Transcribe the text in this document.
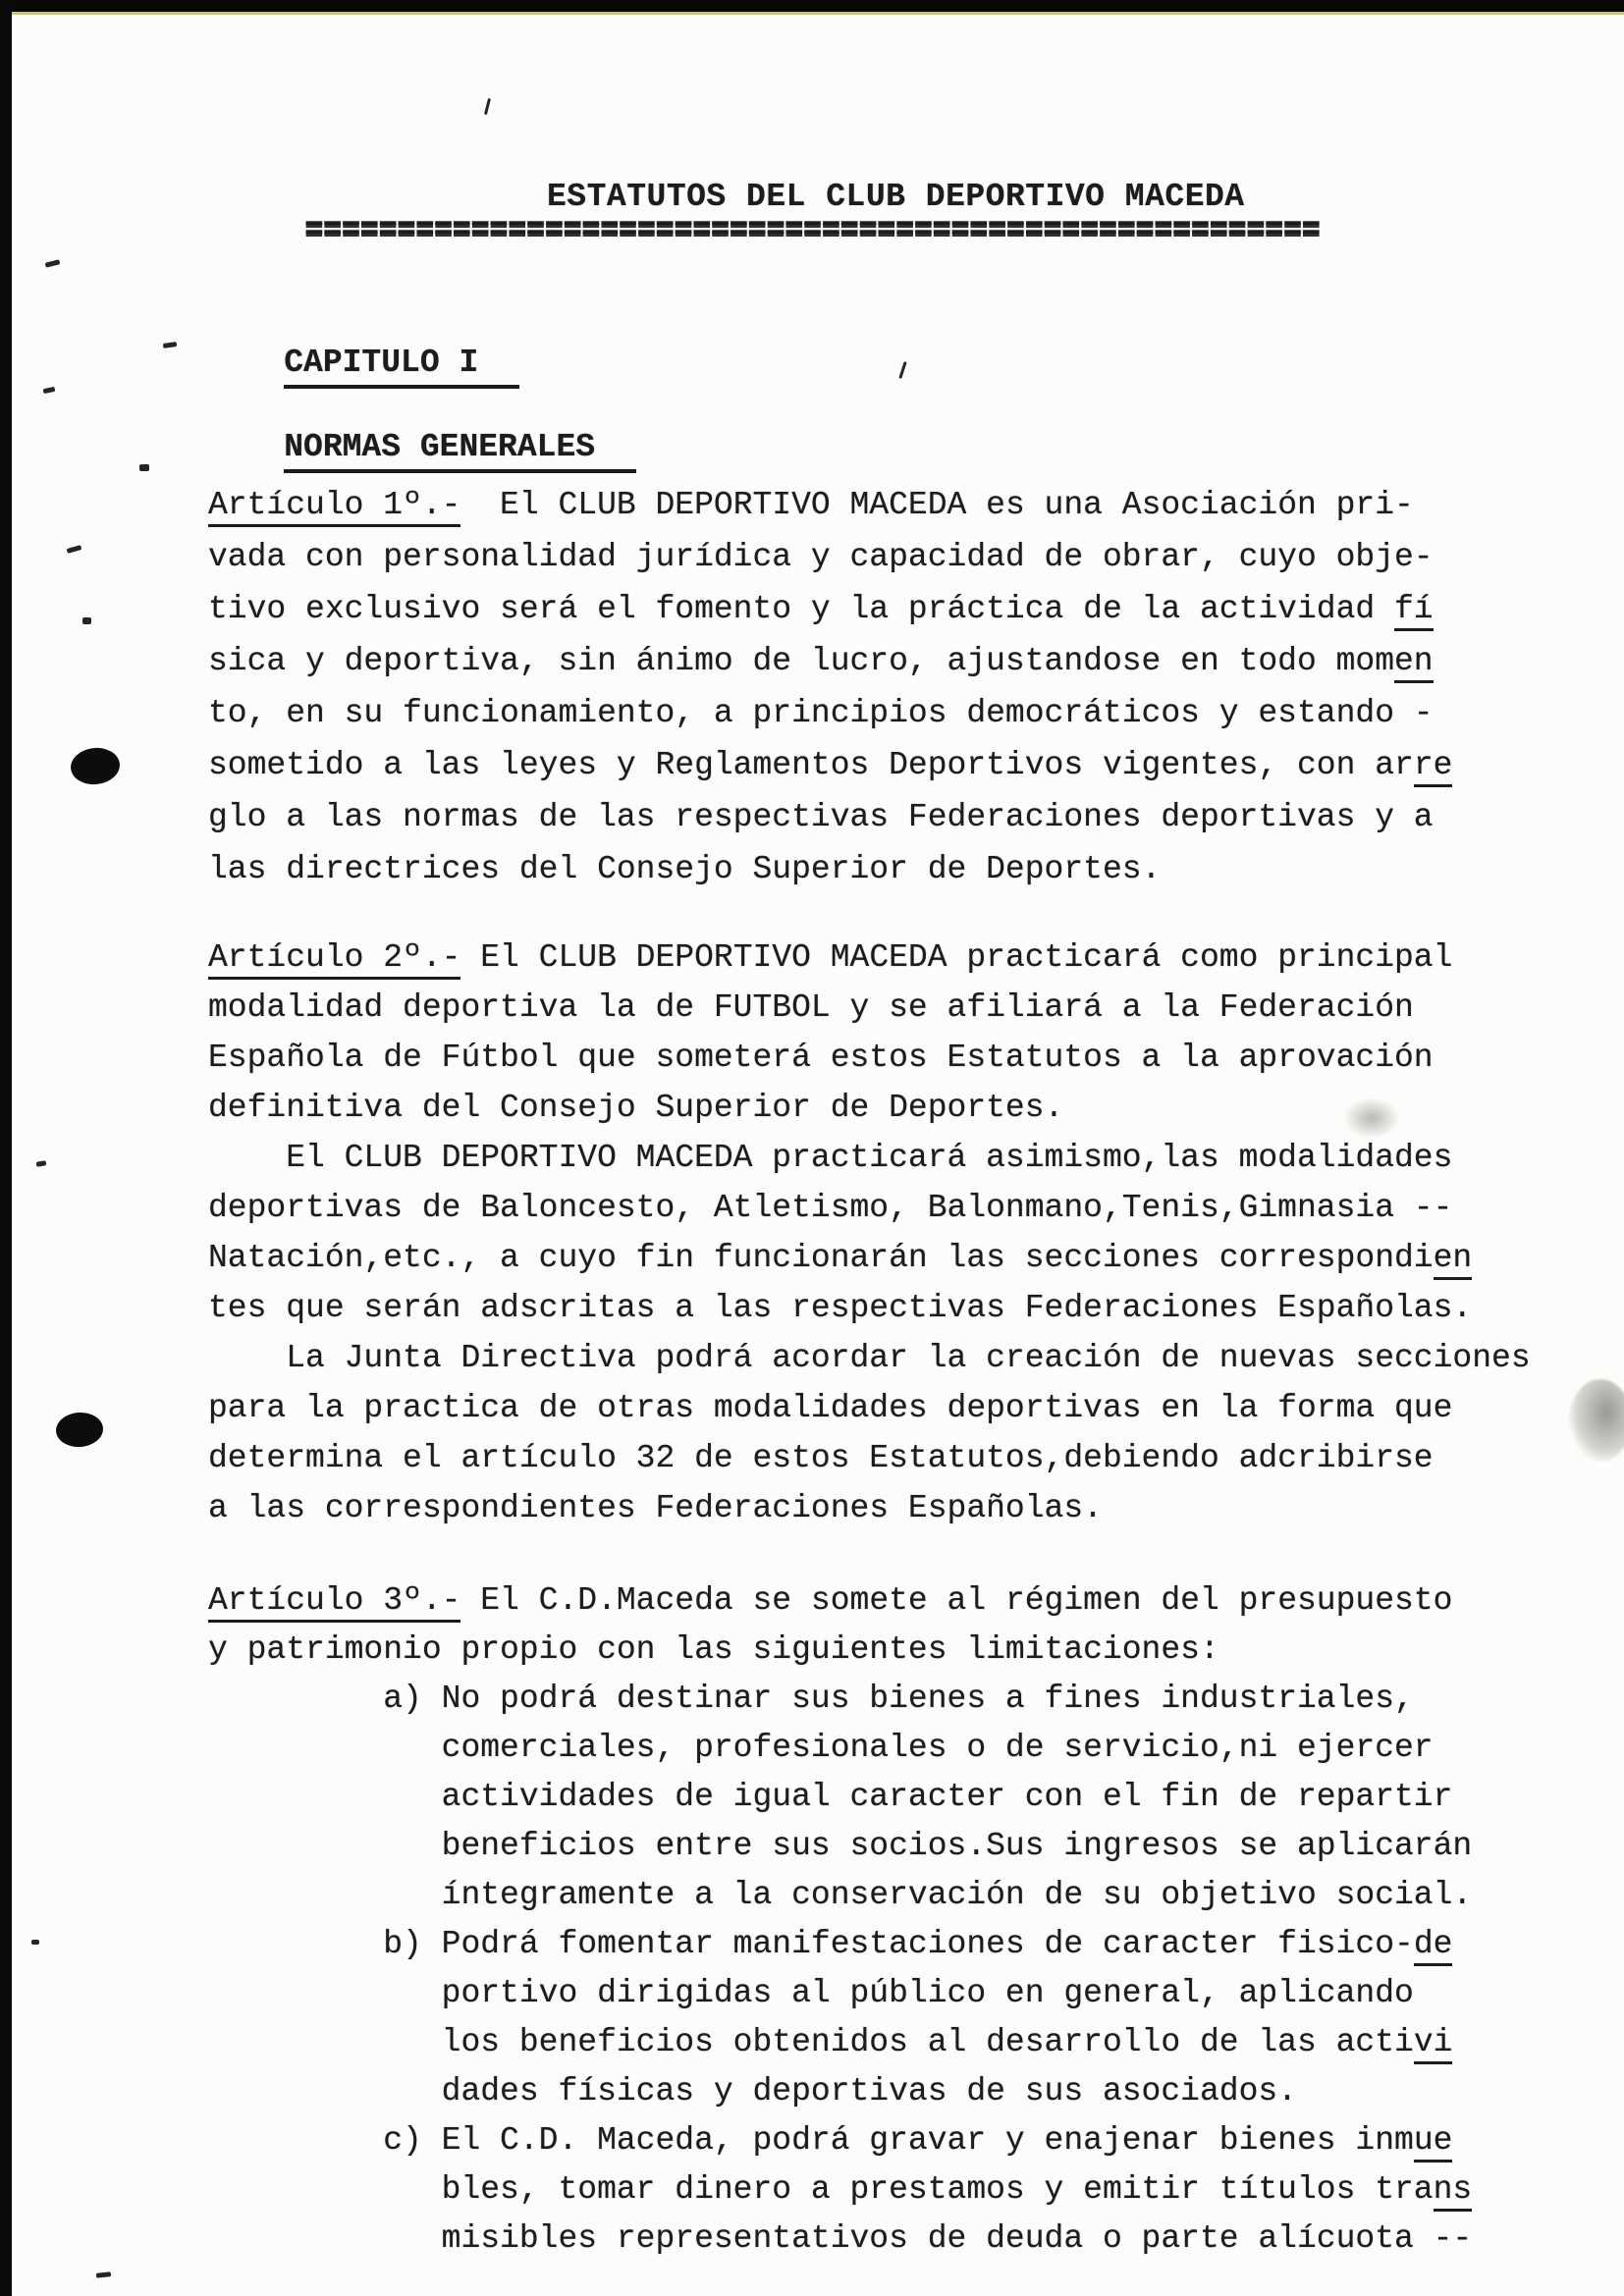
ESTATUTOS DEL CLUB DEPORTIVO MACEDA
=======================================================

CAPITULO I

NORMAS GENERALES

Artículo 1º.-  El CLUB DEPORTIVO MACEDA es una Asociación pri-
vada con personalidad jurídica y capacidad de obrar, cuyo obje-
tivo exclusivo será el fomento y la práctica de la actividad fí
sica y deportiva, sin ánimo de lucro, ajustandose en todo momen
to, en su funcionamiento, a principios democráticos y estando -
sometido a las leyes y Reglamentos Deportivos vigentes, con arre
glo a las normas de las respectivas Federaciones deportivas y a
las directrices del Consejo Superior de Deportes.
Artículo 2º.- El CLUB DEPORTIVO MACEDA practicará como principal
modalidad deportiva la de FUTBOL y se afiliará a la Federación
Española de Fútbol que someterá estos Estatutos a la aprovación
definitiva del Consejo Superior de Deportes.
El CLUB DEPORTIVO MACEDA practicará asimismo,las modalidades
deportivas de Baloncesto, Atletismo, Balonmano,Tenis,Gimnasia --
Natación,etc., a cuyo fin funcionarán las secciones correspondien
tes que serán adscritas a las respectivas Federaciones Españolas.
La Junta Directiva podrá acordar la creación de nuevas secciones
para la practica de otras modalidades deportivas en la forma que
determina el artículo 32 de estos Estatutos,debiendo adcribirse
a las correspondientes Federaciones Españolas.
Artículo 3º.- El C.D.Maceda se somete al régimen del presupuesto
y patrimonio propio con las siguientes limitaciones:
a) No podrá destinar sus bienes a fines industriales,
comerciales, profesionales o de servicio,ni ejercer
actividades de igual caracter con el fin de repartir
beneficios entre sus socios.Sus ingresos se aplicarán
íntegramente a la conservación de su objetivo social.
b) Podrá fomentar manifestaciones de caracter fisico-de
portivo dirigidas al público en general, aplicando
los beneficios obtenidos al desarrollo de las activi
dades físicas y deportivas de sus asociados.
c) El C.D. Maceda, podrá gravar y enajenar bienes inmue
bles, tomar dinero a prestamos y emitir títulos trans
misibles representativos de deuda o parte alícuota --
